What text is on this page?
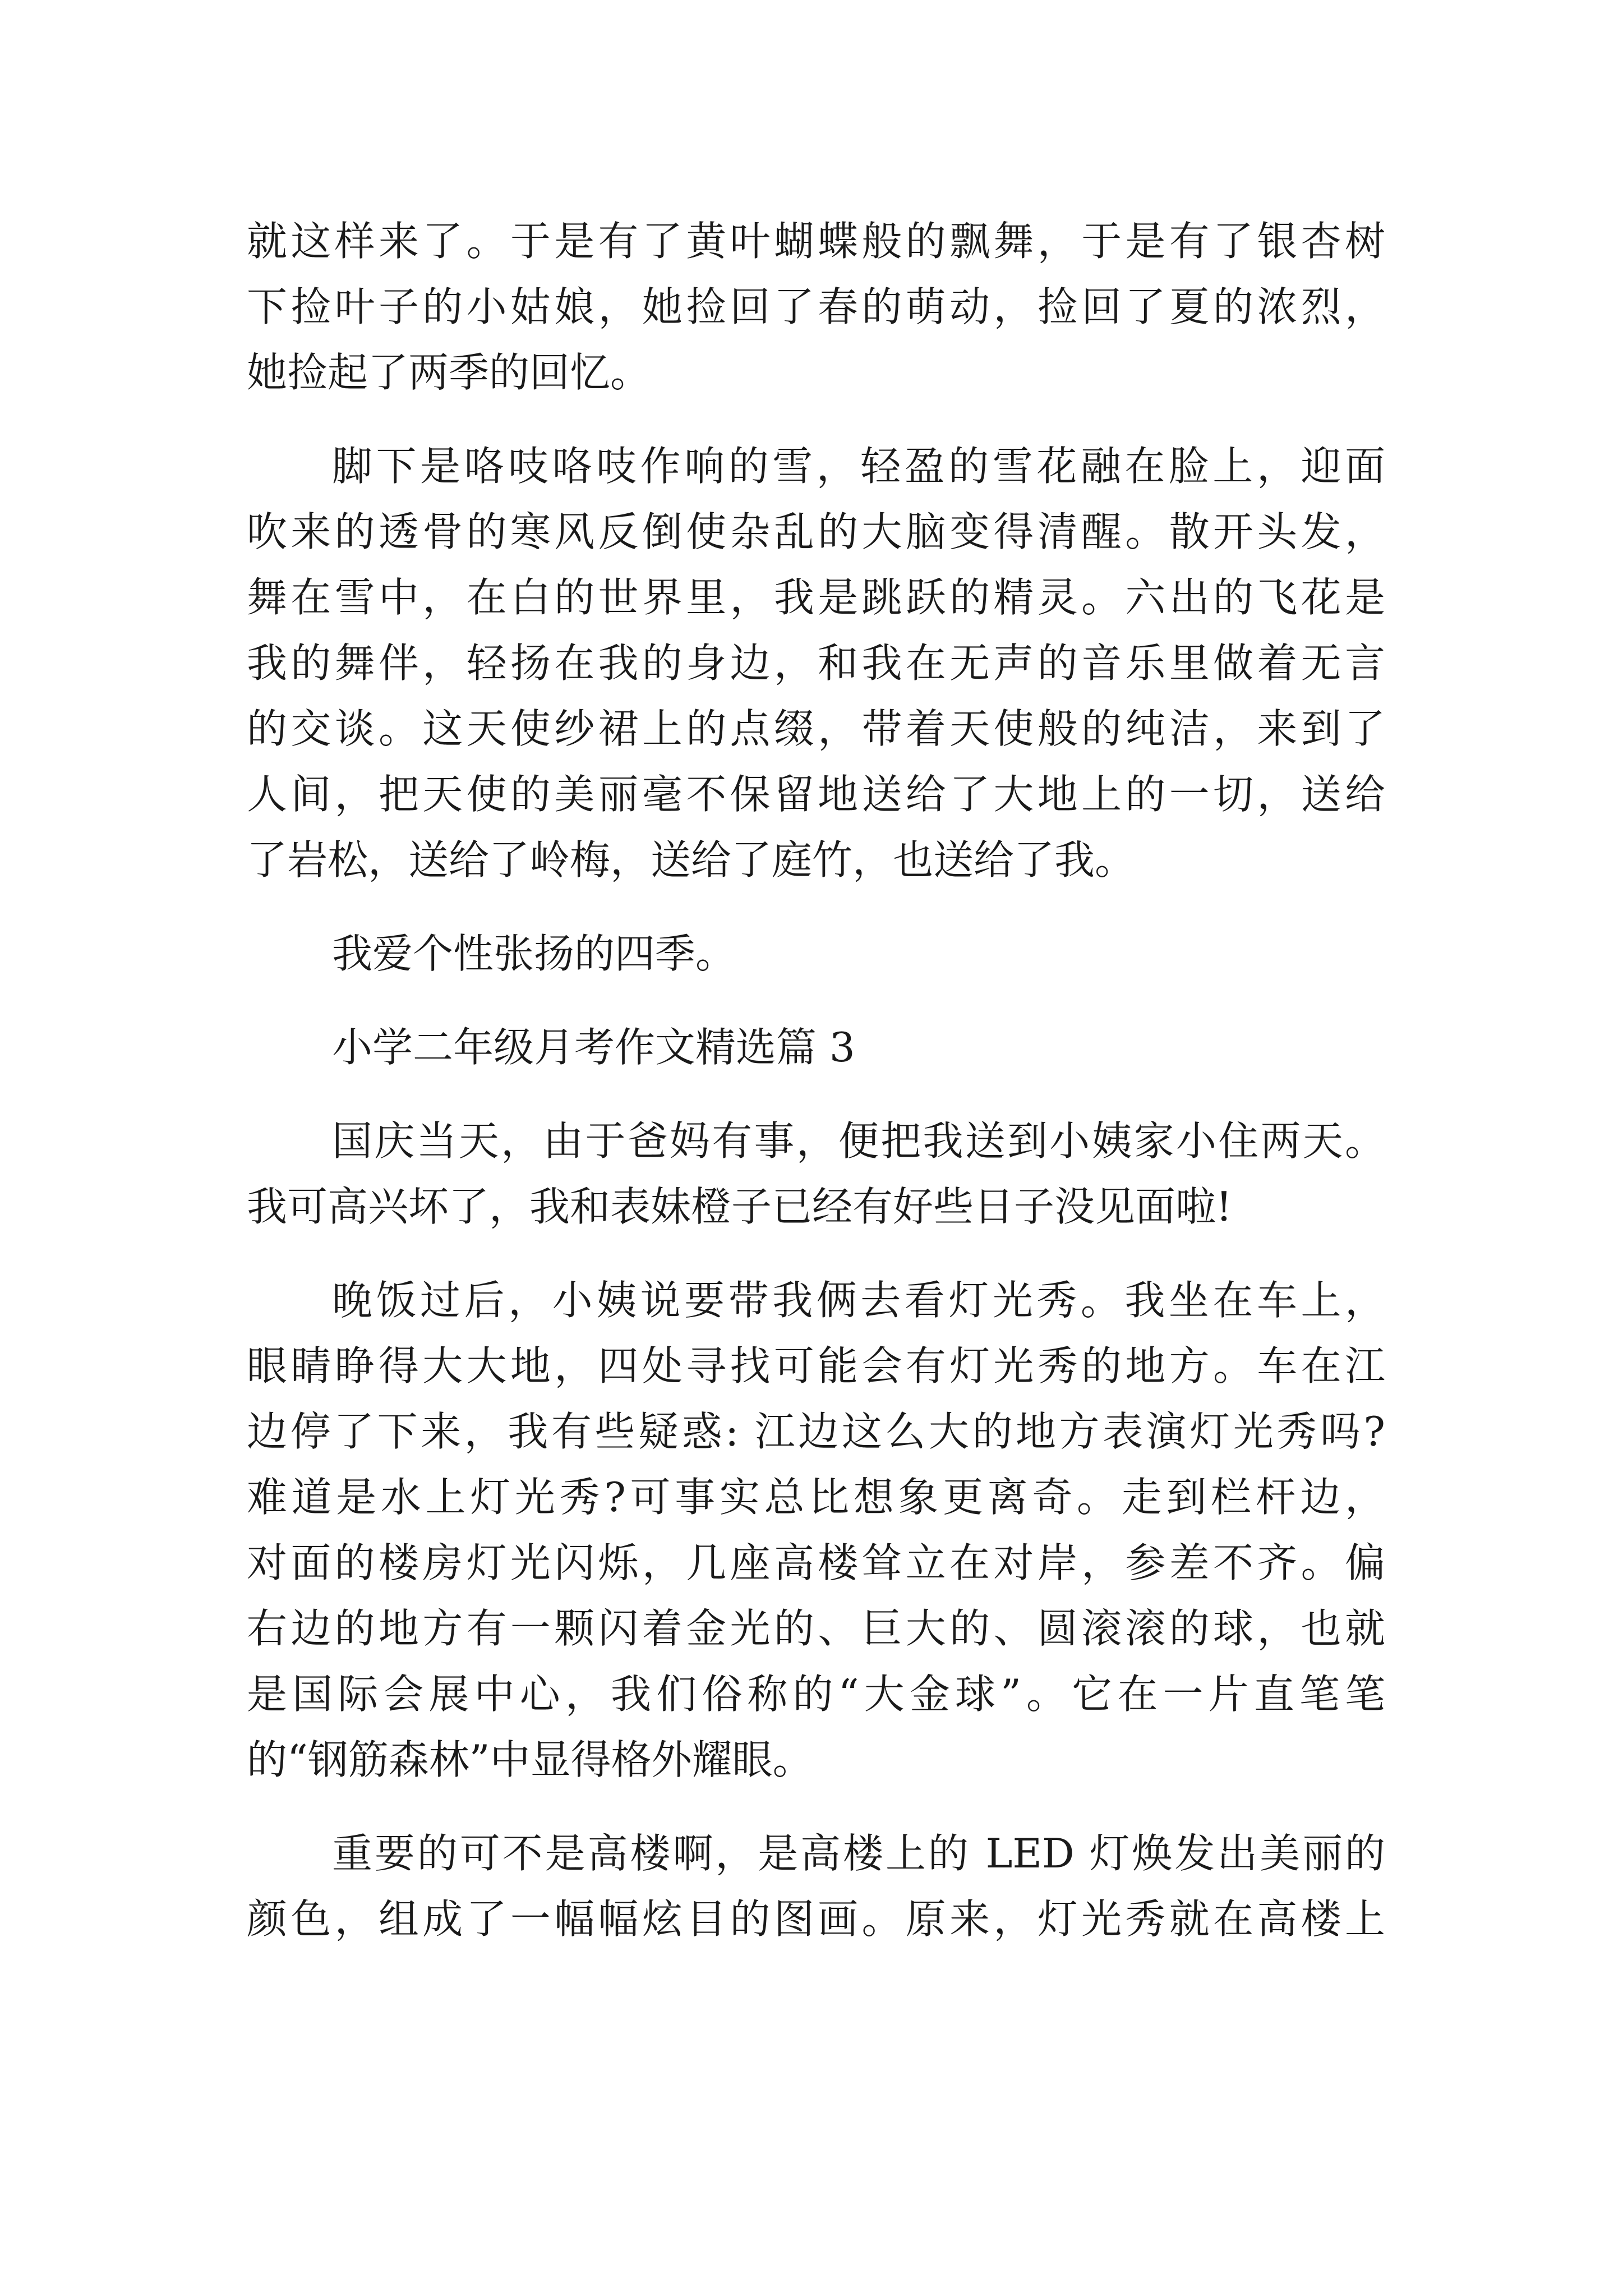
就这样来了。于是有了黄叶蝴蝶般的飘舞，于是有了银杏树
下捡叶子的小姑娘，她捡回了春的萌动，捡回了夏的浓烈，
她捡起了两季的回忆。
脚下是咯吱咯吱作响的雪，轻盈的雪花融在脸上，迎面
吹来的透骨的寒风反倒使杂乱的大脑变得清醒。散开头发，
舞在雪中，在白的世界里，我是跳跃的精灵。六出的飞花是
我的舞伴，轻扬在我的身边，和我在无声的音乐里做着无言
的交谈。这天使纱裙上的点缀，带着天使般的纯洁，来到了
人间，把天使的美丽毫不保留地送给了大地上的一切，送给
了岩松，送给了岭梅，送给了庭竹，也送给了我。
我爱个性张扬的四季。
小学二年级月考作文精选篇 3
国庆当天，由于爸妈有事，便把我送到小姨家小住两天。
我可高兴坏了，我和表妹橙子已经有好些日子没见面啦!
晚饭过后，小姨说要带我俩去看灯光秀。我坐在车上，
眼睛睁得大大地，四处寻找可能会有灯光秀的地方。车在江
边停了下来，我有些疑惑: 江边这么大的地方表演灯光秀吗?
难道是水上灯光秀?可事实总比想象更离奇。走到栏杆边，
对面的楼房灯光闪烁，几座高楼耸立在对岸，参差不齐。偏
右边的地方有一颗闪着金光的、巨大的、圆滚滚的球，也就
是国际会展中心，我们俗称的“大金球”。它在一片直笔笔
的“钢筋森林”中显得格外耀眼。
重要的可不是高楼啊，是高楼上的 LED 灯焕发出美丽的
颜色，组成了一幅幅炫目的图画。原来，灯光秀就在高楼上
